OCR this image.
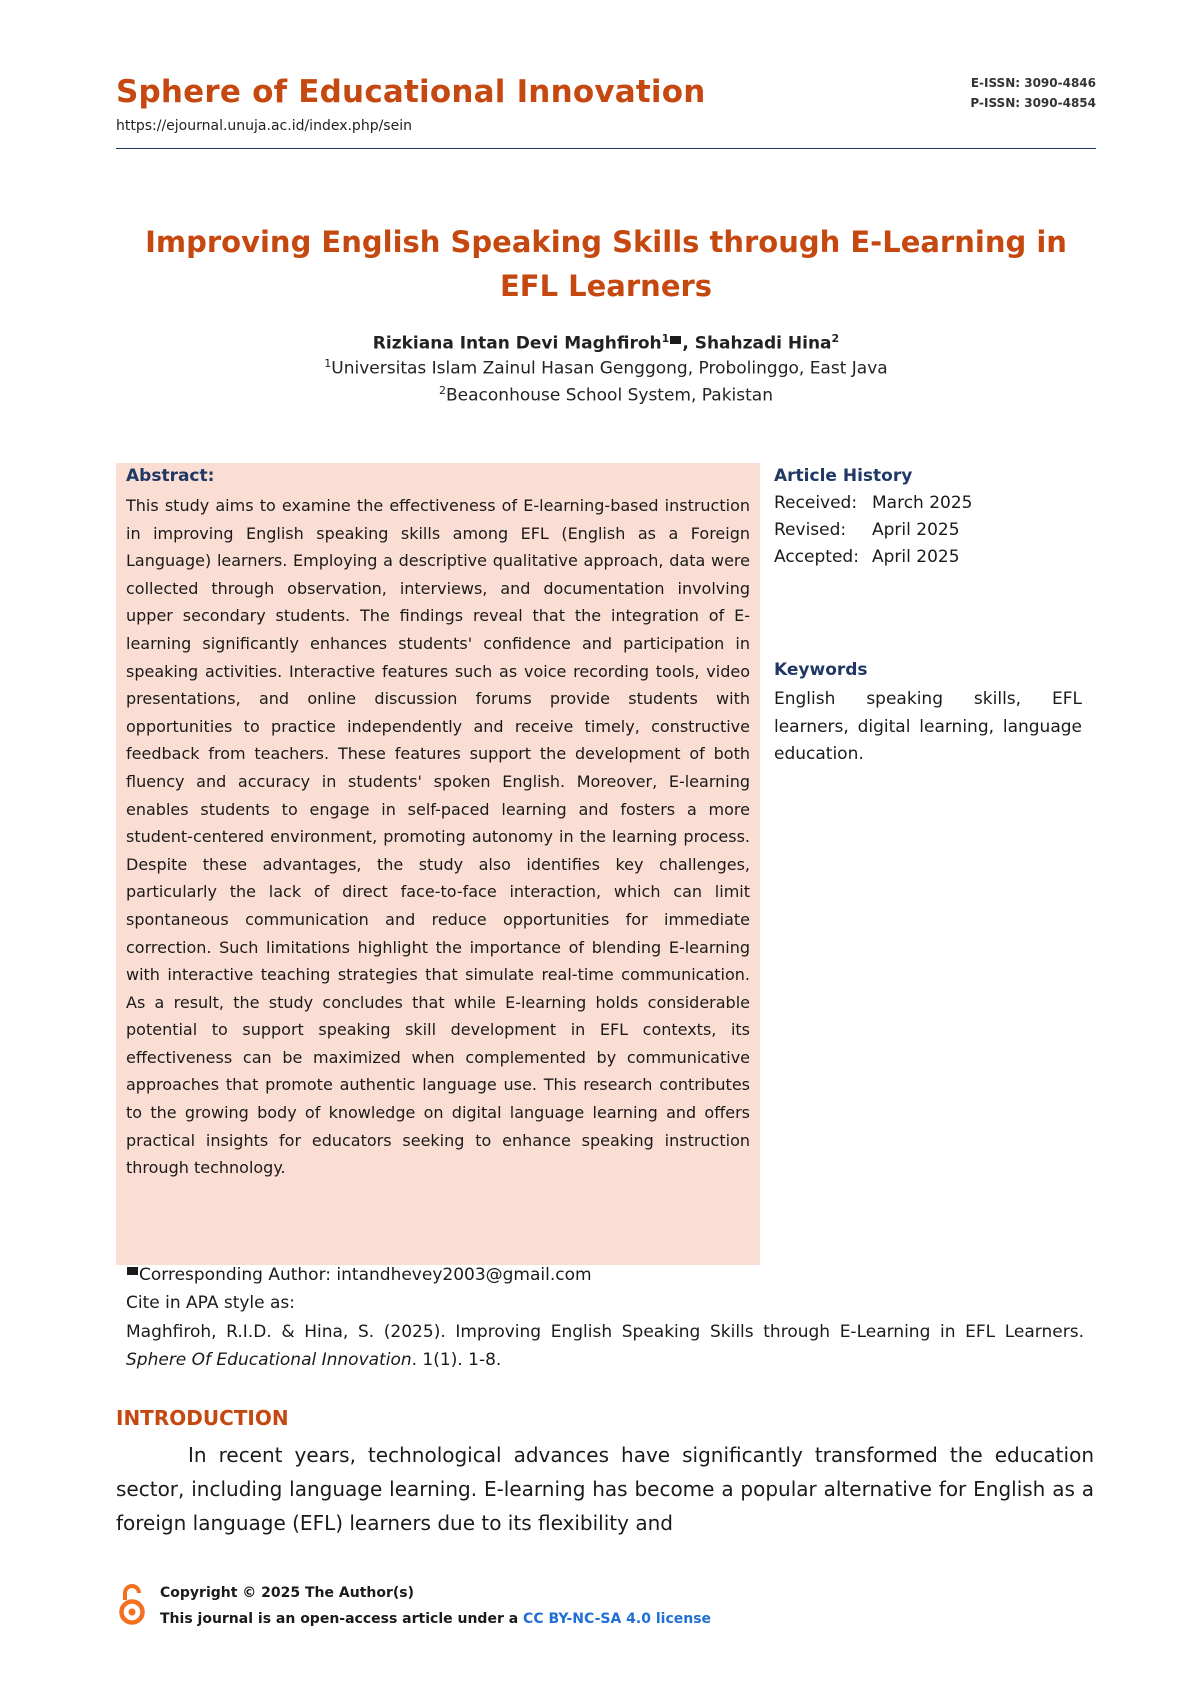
Sphere of Educational Innovation
https://ejournal.unuja.ac.id/index.php/sein
E-ISSN: 3090-4846
P-ISSN: 3090-4854
Improving English Speaking Skills through E-Learning in EFL Learners
Rizkiana Intan Devi Maghfiroh$^1$ , Shahzadi Hina$^2$
$^1$Universitas Islam Zainul Hasan Genggong, Probolinggo, East Java
$^2$Beaconhouse School System, Pakistan
Abstract:

This study aims to examine the effectiveness of E-learning-based instruction in improving English speaking skills among EFL (English as a Foreign Language) learners. Employing a descriptive qualitative approach, data were collected through observation, interviews, and documentation involving upper secondary students. The findings reveal that the integration of E-learning significantly enhances students' confidence and participation in speaking activities. Interactive features such as voice recording tools, video presentations, and online discussion forums provide students with opportunities to practice independently and receive timely, constructive feedback from teachers. These features support the development of both fluency and accuracy in students' spoken English. Moreover, E-learning enables students to engage in self-paced learning and fosters a more student-centered environment, promoting autonomy in the learning process. Despite these advantages, the study also identifies key challenges, particularly the lack of direct face-to-face interaction, which can limit spontaneous communication and reduce opportunities for immediate correction. Such limitations highlight the importance of blending E-learning with interactive teaching strategies that simulate real-time communication. As a result, the study concludes that while E-learning holds considerable potential to support speaking skill development in EFL contexts, its effectiveness can be maximized when complemented by communicative approaches that promote authentic language use. This research contributes to the growing body of knowledge on digital language learning and offers practical insights for educators seeking to enhance speaking instruction through technology.

Article History
Received: March 2025
Revised: April 2025
Accepted: April 2025
Keywords

English speaking skills, EFL learners, digital learning, language education.

Corresponding Author: intandhevey2003@gmail.com
Cite in APA style as:

Maghfiroh, R.I.D. & Hina, S. (2025). Improving English Speaking Skills through E-Learning in EFL Learners. Sphere Of Educational Innovation. 1(1). 1-8.

INTRODUCTION

In recent years, technological advances have significantly transformed the education sector, including language learning. E-learning has become a popular alternative for English as a foreign language (EFL) learners due to its flexibility and

Copyright © 2025 The Author(s)
This journal is an open-access article under a CC BY-NC-SA 4.0 license
